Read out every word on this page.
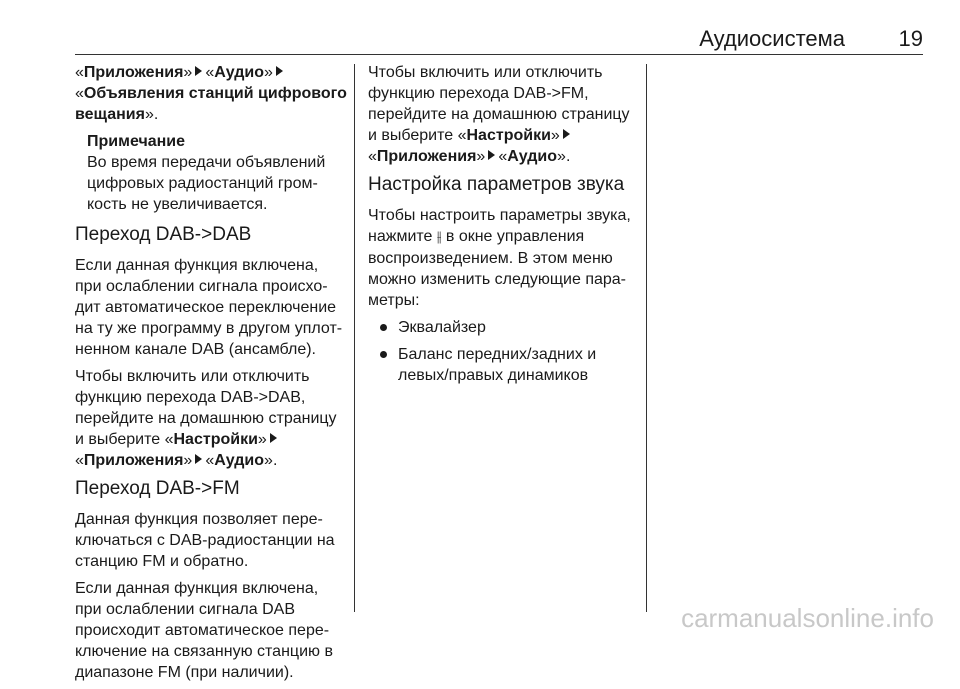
Аудиосистема 19

«Приложения» «Аудио»«Объявления станций цифрового вещания».

Примечание
Во время передачи объявлений цифровых радиостанций гром-кость не увеличивается.
Переход DAB->DAB

Если данная функция включена, при ослаблении сигнала происхо-дит автоматическое переключение на ту же программу в другом уплот-ненном канале DAB (ансамбле).

Чтобы включить или отключить функцию перехода DAB->DAB, перейдите на домашнюю страницу и выберите «Настройки» «Приложения» «Аудио».

Переход DAB->FM

Данная функция позволяет пере-ключаться с DAB-радиостанции на станцию FM и обратно.

Если данная функция включена, при ослаблении сигнала DAB происходит автоматическое пере-ключение на связанную станцию в диапазоне FM (при наличии).

Чтобы включить или отключить функцию перехода DAB->FM, перейдите на домашнюю страницу и выберите «Настройки» «Приложения» «Аудио».

Настройка параметров звука

Чтобы настроить параметры звука, нажмите ⫲ в окне управления воспроизведением. В этом меню можно изменить следующие пара-метры:

Эквалайзер
Баланс передних/задних и левых/правых динамиков
carmanualsonline.info
